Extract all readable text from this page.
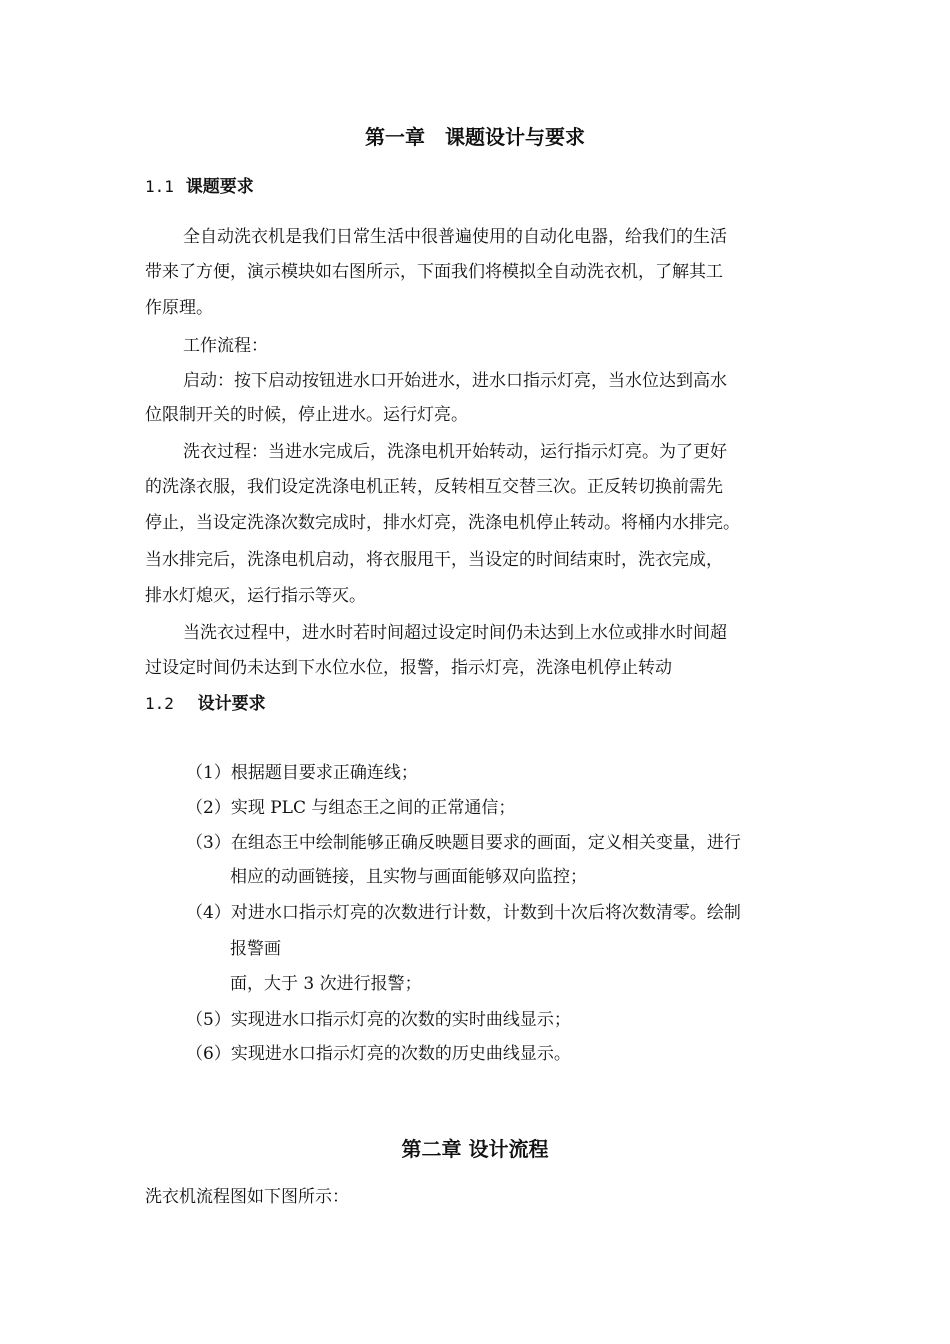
第一章　课题设计与要求
1.1 课题要求
全自动洗衣机是我们日常生活中很普遍使用的自动化电器，给我们的生活
带来了方便，演示模块如右图所示，下面我们将模拟全自动洗衣机，了解其工
作原理。
工作流程：
启动：按下启动按钮进水口开始进水，进水口指示灯亮，当水位达到高水
位限制开关的时候，停止进水。运行灯亮。
洗衣过程：当进水完成后，洗涤电机开始转动，运行指示灯亮。为了更好
的洗涤衣服，我们设定洗涤电机正转，反转相互交替三次。正反转切换前需先
停止，当设定洗涤次数完成时，排水灯亮，洗涤电机停止转动。将桶内水排完。
当水排完后，洗涤电机启动，将衣服甩干，当设定的时间结束时，洗衣完成，
排水灯熄灭，运行指示等灭。
当洗衣过程中，进水时若时间超过设定时间仍未达到上水位或排水时间超
过设定时间仍未达到下水位水位，报警，指示灯亮，洗涤电机停止转动
1.2 设计要求
（1）根据题目要求正确连线；
（2）实现 PLC 与组态王之间的正常通信；
（3）在组态王中绘制能够正确反映题目要求的画面，定义相关变量，进行
相应的动画链接，且实物与画面能够双向监控；
（4）对进水口指示灯亮的次数进行计数，计数到十次后将次数清零。绘制
报警画
面，大于 3 次进行报警；
（5）实现进水口指示灯亮的次数的实时曲线显示；
（6）实现进水口指示灯亮的次数的历史曲线显示。
第二章 设计流程
洗衣机流程图如下图所示：
